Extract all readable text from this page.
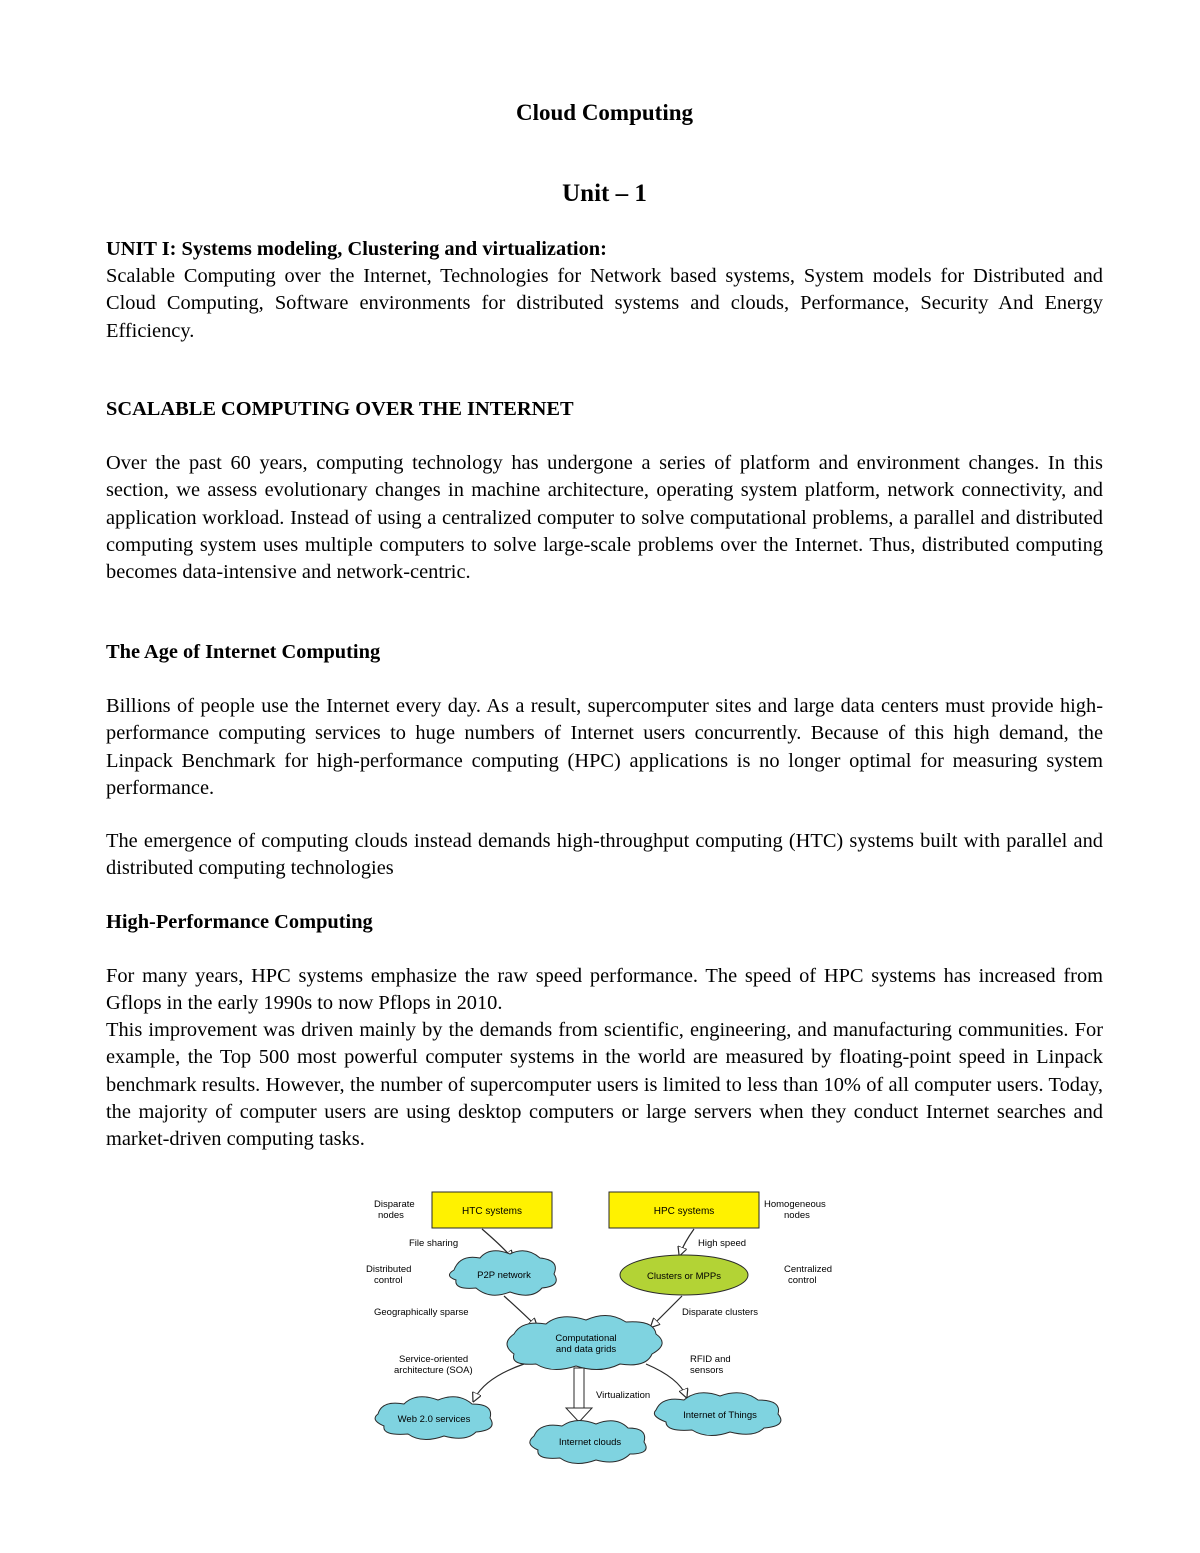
Cloud Computing
Unit – 1

UNIT I: Systems modeling, Clustering and virtualization:

Scalable Computing over the Internet, Technologies for Network based systems, System models for Distributed and Cloud Computing, Software environments for distributed systems and clouds, Performance, Security And Energy Efficiency.

SCALABLE COMPUTING OVER THE INTERNET

Over the past 60 years, computing technology has undergone a series of platform and environment changes. In this section, we assess evolutionary changes in machine architecture, operating system platform, network connectivity, and application workload. Instead of using a centralized computer to solve computational problems, a parallel and distributed computing system uses multiple computers to solve large-scale problems over the Internet. Thus, distributed computing becomes data-intensive and network-centric.

The Age of Internet Computing

Billions of people use the Internet every day. As a result, supercomputer sites and large data centers must provide high-performance computing services to huge numbers of Internet users concurrently. Because of this high demand, the Linpack Benchmark for high-performance computing (HPC) applications is no longer optimal for measuring system performance.

The emergence of computing clouds instead demands high-throughput computing (HTC) systems built with parallel and distributed computing technologies

High-Performance Computing

For many years, HPC systems emphasize the raw speed performance. The speed of HPC systems has increased from Gflops in the early 1990s to now Pflops in 2010.

This improvement was driven mainly by the demands from scientific, engineering, and manufacturing communities. For example, the Top 500 most powerful computer systems in the world are measured by floating-point speed in Linpack benchmark results. However, the number of supercomputer users is limited to less than 10% of all computer users. Today, the majority of computer users are using desktop computers or large servers when they conduct Internet searches and market-driven computing tasks.

HTC systems	HPC systems
Disparate
nodes
Homogeneous
nodes
File sharing	High speed
P2P network
Distributed
control	Clusters or MPPs
Centralized
control
Geographically sparse	Disparate clusters
Computational
and data grids
Service-oriented
architecture (SOA)
RFID and
sensors
Virtualization
Web 2.0 services
Internet clouds
Internet of Things
